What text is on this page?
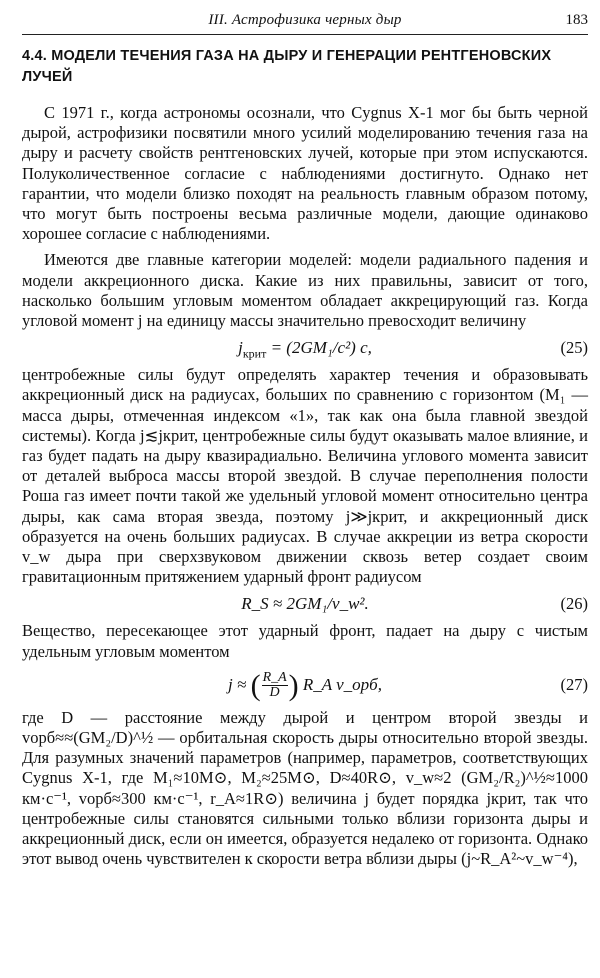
III. Астрофизика черных дыр	183
4.4. МОДЕЛИ ТЕЧЕНИЯ ГАЗА НА ДЫРУ И ГЕНЕРАЦИИ РЕНТГЕНОВСКИХ ЛУЧЕЙ

С 1971 г., когда астрономы осознали, что Cygnus X-1 мог бы быть черной дырой, астрофизики посвятили много усилий моделированию течения газа на дыру и расчету свойств рентгеновских лучей, которые при этом испускаются. Полуколичественное согласие с наблюдениями достигнуто. Однако нет гарантии, что модели близко походят на реальность главным образом потому, что могут быть построены весьма различные модели, дающие одинаково хорошее согласие с наблюдениями.

Имеются две главные категории моделей: модели радиального падения и модели аккреционного диска. Какие из них правильны, зависит от того, насколько большим угловым моментом обладает аккрецирующий газ. Когда угловой момент j на единицу массы значительно превосходит величину

$j_{крит} = (2GM_1/c^2)$ c,	(25)

центробежные силы будут определять характер течения и образовывать аккреционный диск на радиусах, больших по сравнению с горизонтом (M₁ — масса дыры, отмеченная индексом «1», так как она была главной звездой системы). Когда j≲jкрит, центробежные силы будут оказывать малое влияние, и газ будет падать на дыру квазирадиально. Величина углового момента зависит от деталей выброса массы второй звездой. В случае переполнения полости Роша газ имеет почти такой же удельный угловой момент относительно центра дыры, как сама вторая звезда, поэтому j≫jкрит, и аккреционный диск образуется на очень больших радиусах. В случае аккреции из ветра скорости v_w дыра при сверхзвуковом движении сквозь ветер создает своим гравитационным притяжением ударный фронт радиусом

R_S ≈ 2GM₁/v_w².	(26)

Вещество, пересекающее этот ударный фронт, падает на дыру с чистым удельным угловым моментом

j ≈ ( $\frac{R\_A}{D}$ ) R_A v_орб,	(27)

где D — расстояние между дырой и центром второй звезды и vорб≈≈(GM₂/D)^½ — орбитальная скорость дыры относительно второй звезды. Для разумных значений параметров (например, параметров, соответствующих Cygnus X-1, где M₁≈10M⊙, M₂≈25M⊙, D≈40R⊙, v_w≈2 (GM₂/R₂)^½≈1000 км·с⁻¹, vорб≈300 км·с⁻¹, r_A≈1R⊙) величина j будет порядка jкрит, так что центробежные силы становятся сильными только вблизи горизонта дыры и аккреционный диск, если он имеется, образуется недалеко от горизонта. Однако этот вывод очень чувствителен к скорости ветра вблизи дыры (j~R_A²~v_w⁻⁴),
